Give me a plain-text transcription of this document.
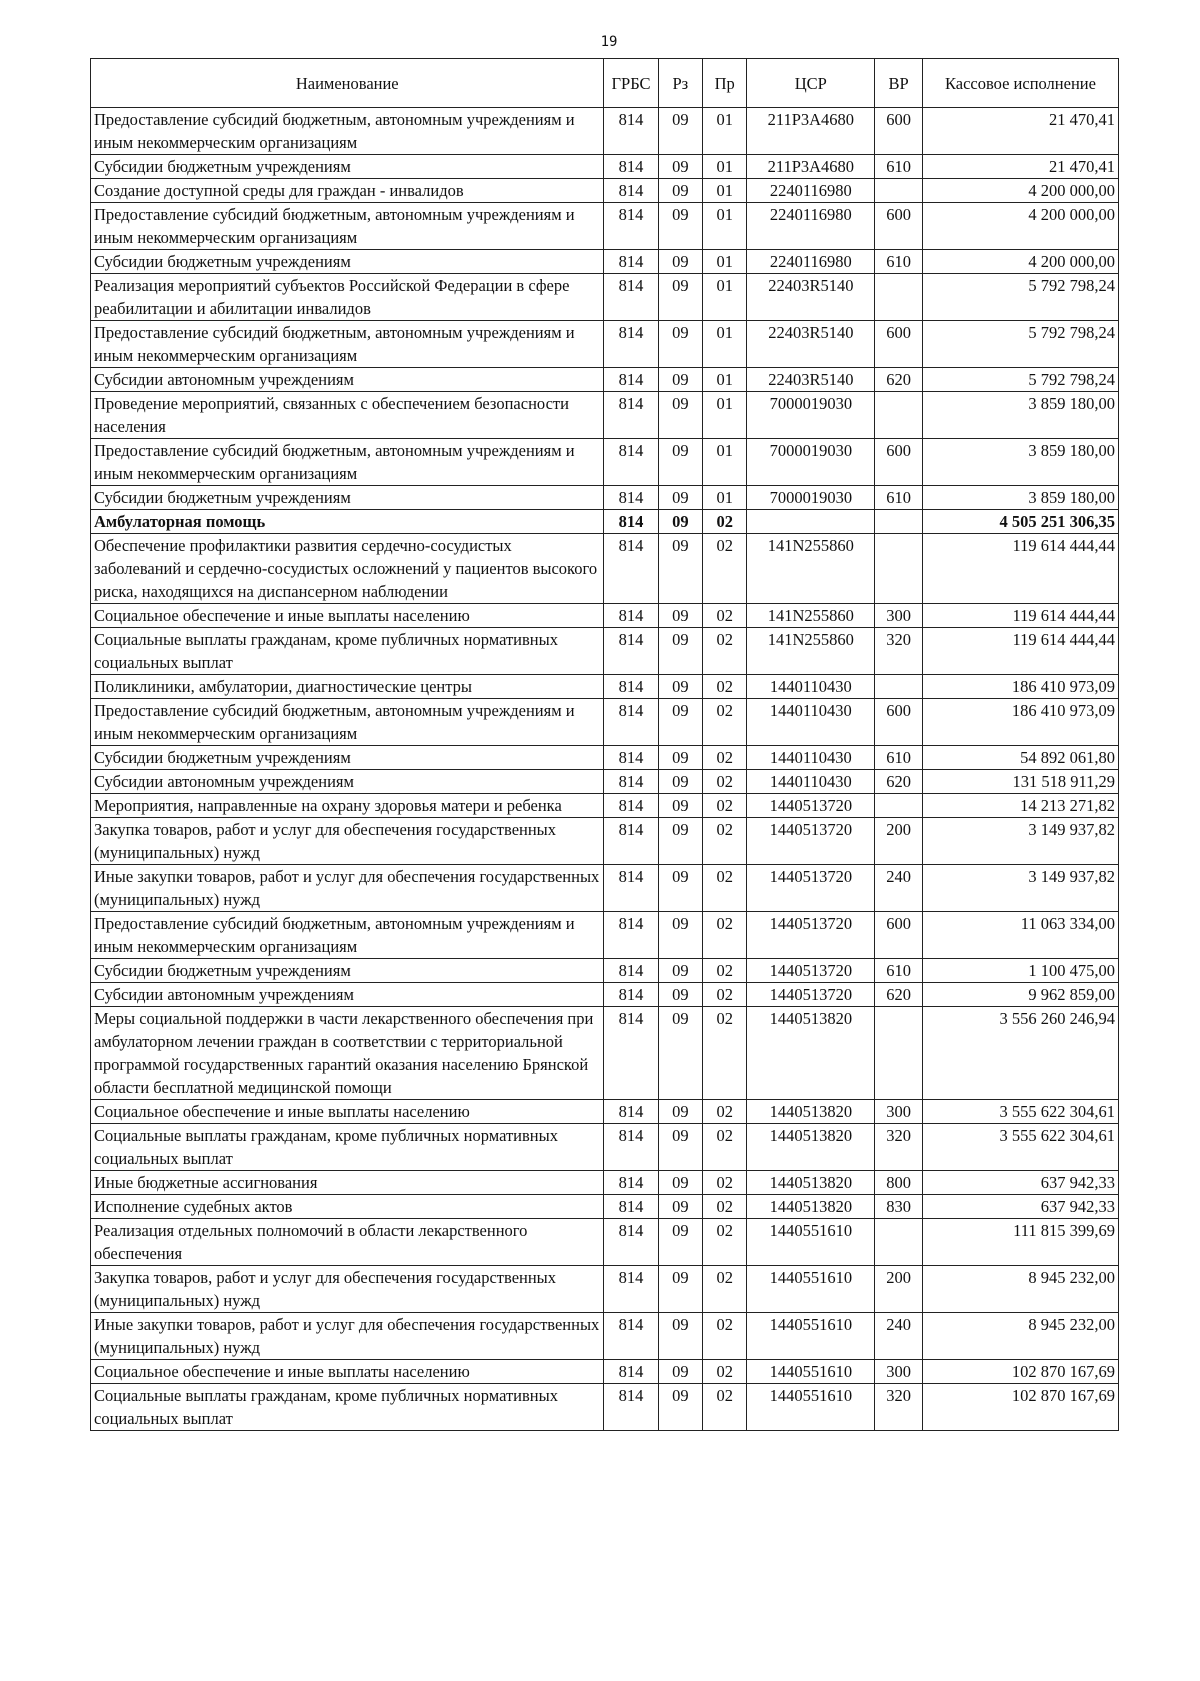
19
Наименование	ГРБС	Рз	Пр	ЦСР	ВР	Кассовое исполнение
Предоставление субсидий бюджетным, автономным учреждениям и иным некоммерческим организациям	814	09	01	211P3A4680	600	21 470,41
Субсидии бюджетным учреждениям	814	09	01	211P3A4680	610	21 470,41
Создание доступной среды для граждан - инвалидов	814	09	01	2240116980		4 200 000,00
Предоставление субсидий бюджетным, автономным учреждениям и иным некоммерческим организациям	814	09	01	2240116980	600	4 200 000,00
Субсидии бюджетным учреждениям	814	09	01	2240116980	610	4 200 000,00
Реализация мероприятий субъектов Российской Федерации в сфере реабилитации и абилитации инвалидов	814	09	01	22403R5140		5 792 798,24
Предоставление субсидий бюджетным, автономным учреждениям и иным некоммерческим организациям	814	09	01	22403R5140	600	5 792 798,24
Субсидии автономным учреждениям	814	09	01	22403R5140	620	5 792 798,24
Проведение мероприятий, связанных с обеспечением безопасности населения	814	09	01	7000019030		3 859 180,00
Предоставление субсидий бюджетным, автономным учреждениям и иным некоммерческим организациям	814	09	01	7000019030	600	3 859 180,00
Субсидии бюджетным учреждениям	814	09	01	7000019030	610	3 859 180,00
Амбулаторная помощь	814	09	02			4 505 251 306,35
Обеспечение профилактики развития сердечно-сосудистых заболеваний и сердечно-сосудистых осложнений у пациентов высокого риска, находящихся на диспансерном наблюдении	814	09	02	141N255860		119 614 444,44
Социальное обеспечение и иные выплаты населению	814	09	02	141N255860	300	119 614 444,44
Социальные выплаты гражданам, кроме публичных нормативных социальных выплат	814	09	02	141N255860	320	119 614 444,44
Поликлиники, амбулатории, диагностические центры	814	09	02	1440110430		186 410 973,09
Предоставление субсидий бюджетным, автономным учреждениям и иным некоммерческим организациям	814	09	02	1440110430	600	186 410 973,09
Субсидии бюджетным учреждениям	814	09	02	1440110430	610	54 892 061,80
Субсидии автономным учреждениям	814	09	02	1440110430	620	131 518 911,29
Мероприятия, направленные на охрану здоровья матери и ребенка	814	09	02	1440513720		14 213 271,82
Закупка товаров, работ и услуг для обеспечения государственных (муниципальных) нужд	814	09	02	1440513720	200	3 149 937,82
Иные закупки товаров, работ и услуг для обеспечения государственных (муниципальных) нужд	814	09	02	1440513720	240	3 149 937,82
Предоставление субсидий бюджетным, автономным учреждениям и иным некоммерческим организациям	814	09	02	1440513720	600	11 063 334,00
Субсидии бюджетным учреждениям	814	09	02	1440513720	610	1 100 475,00
Субсидии автономным учреждениям	814	09	02	1440513720	620	9 962 859,00
Меры социальной поддержки в части лекарственного обеспечения при амбулаторном лечении граждан в соответствии с территориальной программой государственных гарантий оказания населению Брянской области бесплатной медицинской помощи	814	09	02	1440513820		3 556 260 246,94
Социальное обеспечение и иные выплаты населению	814	09	02	1440513820	300	3 555 622 304,61
Социальные выплаты гражданам, кроме публичных нормативных социальных выплат	814	09	02	1440513820	320	3 555 622 304,61
Иные бюджетные ассигнования	814	09	02	1440513820	800	637 942,33
Исполнение судебных актов	814	09	02	1440513820	830	637 942,33
Реализация отдельных полномочий в области лекарственного обеспечения	814	09	02	1440551610		111 815 399,69
Закупка товаров, работ и услуг для обеспечения государственных (муниципальных) нужд	814	09	02	1440551610	200	8 945 232,00
Иные закупки товаров, работ и услуг для обеспечения государственных (муниципальных) нужд	814	09	02	1440551610	240	8 945 232,00
Социальное обеспечение и иные выплаты населению	814	09	02	1440551610	300	102 870 167,69
Социальные выплаты гражданам, кроме публичных нормативных социальных выплат	814	09	02	1440551610	320	102 870 167,69
